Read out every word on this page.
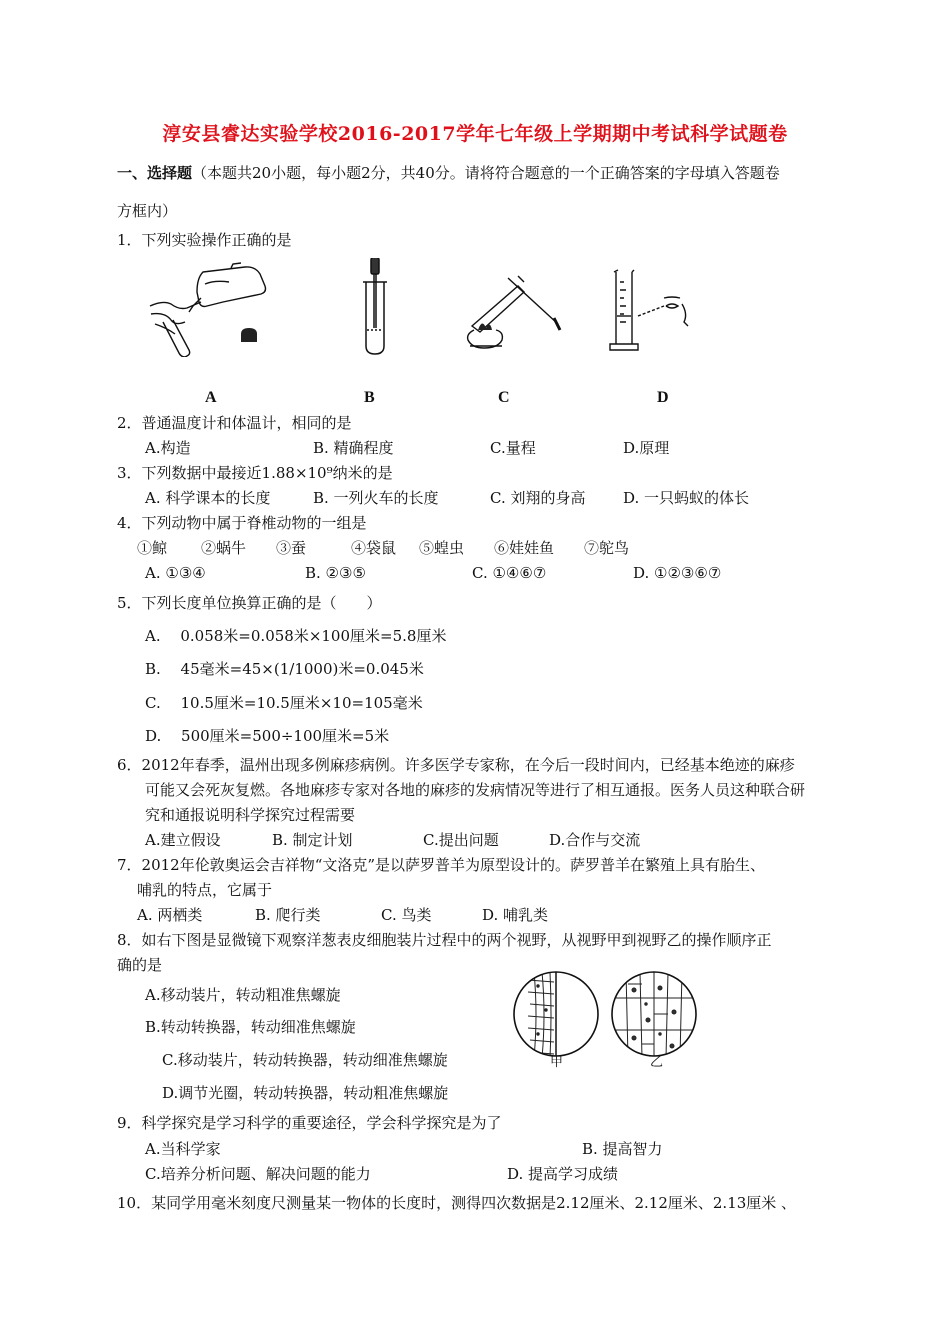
淳安县睿达实验学校2016-2017学年七年级上学期期中考试科学试题卷
一、选择题（本题共20小题，每小题2分，共40分。请将符合题意的一个正确答案的字母填入答题卷
方框内）
1．下列实验操作正确的是
A	B	C	D
2．普通温度计和体温计，相同的是
A.构造	B. 精确程度	C.量程	D.原理
3．下列数据中最接近1.88×10⁹纳米的是
A. 科学课本的长度	B. 一列火车的长度	C. 刘翔的身高	D. 一只蚂蚁的体长
4．下列动物中属于脊椎动物的一组是
①鲸 ②蜗牛 ③蚕	④袋鼠 ⑤蝗虫 ⑥娃娃鱼 ⑦鸵鸟
A. ①③④	B. ②③⑤	C. ①④⑥⑦	D. ①②③⑥⑦
5．下列长度单位换算正确的是（　　）
A.　 0.058米=0.058米×100厘米=5.8厘米
B.　 45毫米=45×(1/1000)米=0.045米
C.　 10.5厘米=10.5厘米×10=105毫米
D.　 500厘米=500÷100厘米=5米
6．2012年春季，温州出现多例麻疹病例。许多医学专家称，在今后一段时间内，已经基本绝迹的麻疹
可能又会死灰复燃。各地麻疹专家对各地的麻疹的发病情况等进行了相互通报。医务人员这种联合研
究和通报说明科学探究过程需要
A.建立假设	B. 制定计划	C.提出问题	D.合作与交流
7．2012年伦敦奥运会吉祥物“文洛克”是以萨罗普羊为原型设计的。萨罗普羊在繁殖上具有胎生、
哺乳的特点，它属于
A. 两栖类	B. 爬行类	C. 鸟类	D. 哺乳类
8．如右下图是显微镜下观察洋葱表皮细胞装片过程中的两个视野，从视野甲到视野乙的操作顺序正
确的是
A.移动装片，转动粗准焦螺旋
B.转动转换器，转动细准焦螺旋
C.移动装片，转动转换器，转动细准焦螺旋
D.调节光圈，转动转换器，转动粗准焦螺旋
甲	乙
9．科学探究是学习科学的重要途径，学会科学探究是为了
A.当科学家	B. 提高智力
C.培养分析问题、解决问题的能力	D. 提高学习成绩
10．某同学用毫米刻度尺测量某一物体的长度时，测得四次数据是2.12厘米、2.12厘米、2.13厘米 、
